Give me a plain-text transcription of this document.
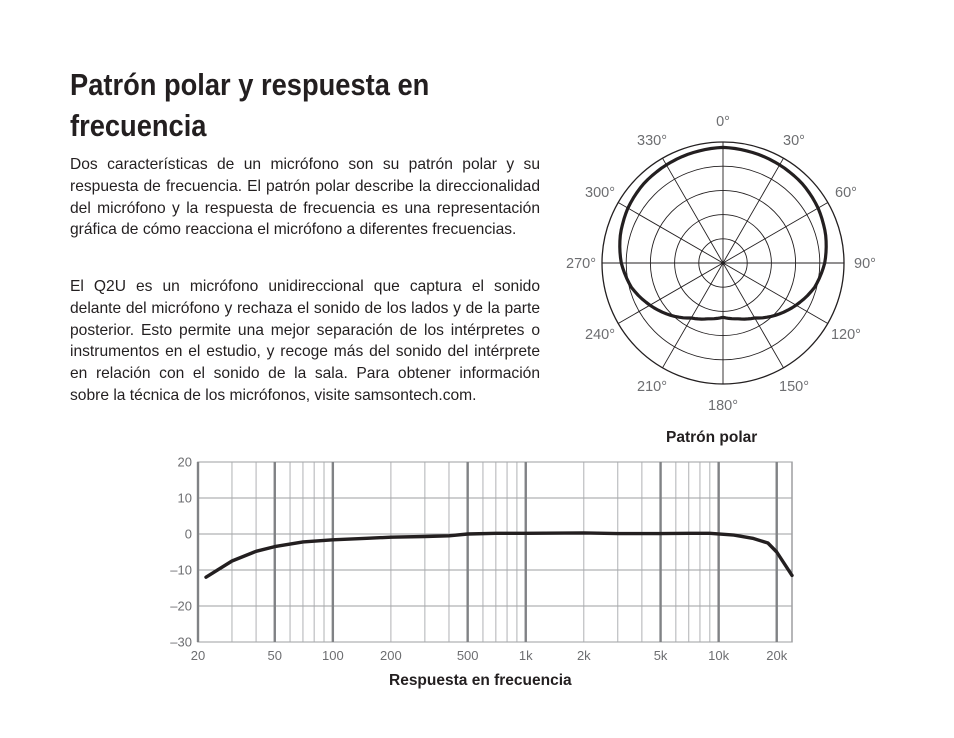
Patrón polar y respuesta en frecuencia

Dos características de un micrófono son su patrón polar y su respuesta de frecuencia. El patrón polar describe la direccionalidad del micrófono y la respuesta de frecuencia es una representación gráfica de cómo reacciona el micrófono a diferentes frecuencias.

El Q2U es un micrófono unidireccional que captura el sonido delante del micrófono y rechaza el sonido de los lados y de la parte posterior. Esto permite una mejor separación de los intérpretes o instrumentos en el estudio, y recoge más del sonido del intérprete en relación con el sonido de la sala. Para obtener información sobre la técnica de los micrófonos, visite samsontech.com.

0°
30°
60°
90°
120°
150°
180°
210°
240°
270°
300°
330°
Patrón polar
20
10
0
–10
–20
–30
20	50	100	200	500	1k	2k	5k	10k	20k
Respuesta en frecuencia
